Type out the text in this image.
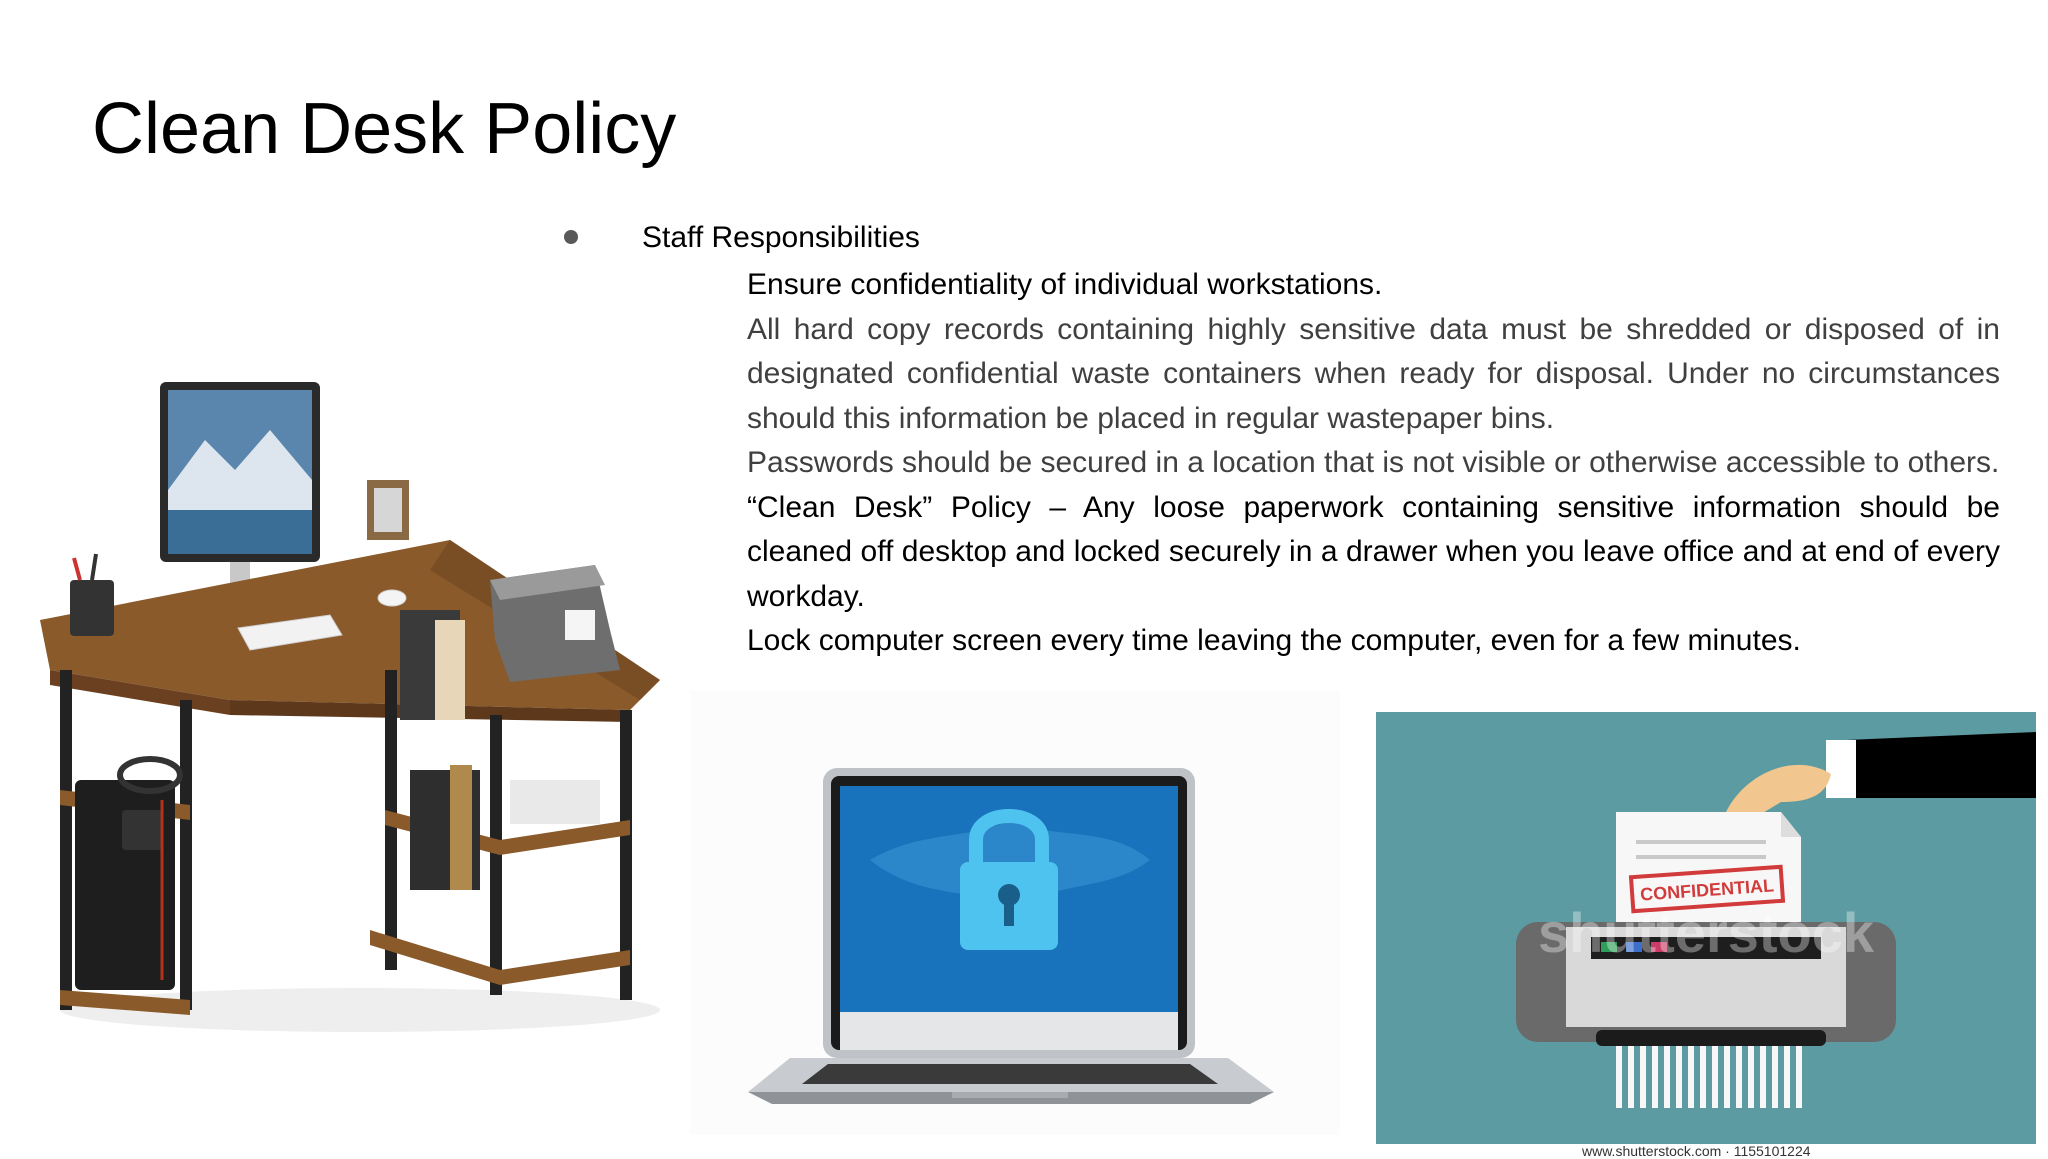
Clean Desk Policy
Staff Responsibilities

Ensure confidentiality of individual workstations.

All hard copy records containing highly sensitive data must be shredded or disposed of in designated confidential waste containers when ready for disposal. Under no circumstances should this information be placed in regular wastepaper bins.

Passwords should be secured in a location that is not visible or otherwise accessible to others.

“Clean Desk” Policy – Any loose paperwork containing sensitive information should be cleaned off desktop and locked securely in a drawer when you leave office and at end of every workday.

Lock computer screen every time leaving the computer, even for a few minutes.

CONFIDENTIAL
shutterstock
www.shutterstock.com · 1155101224
